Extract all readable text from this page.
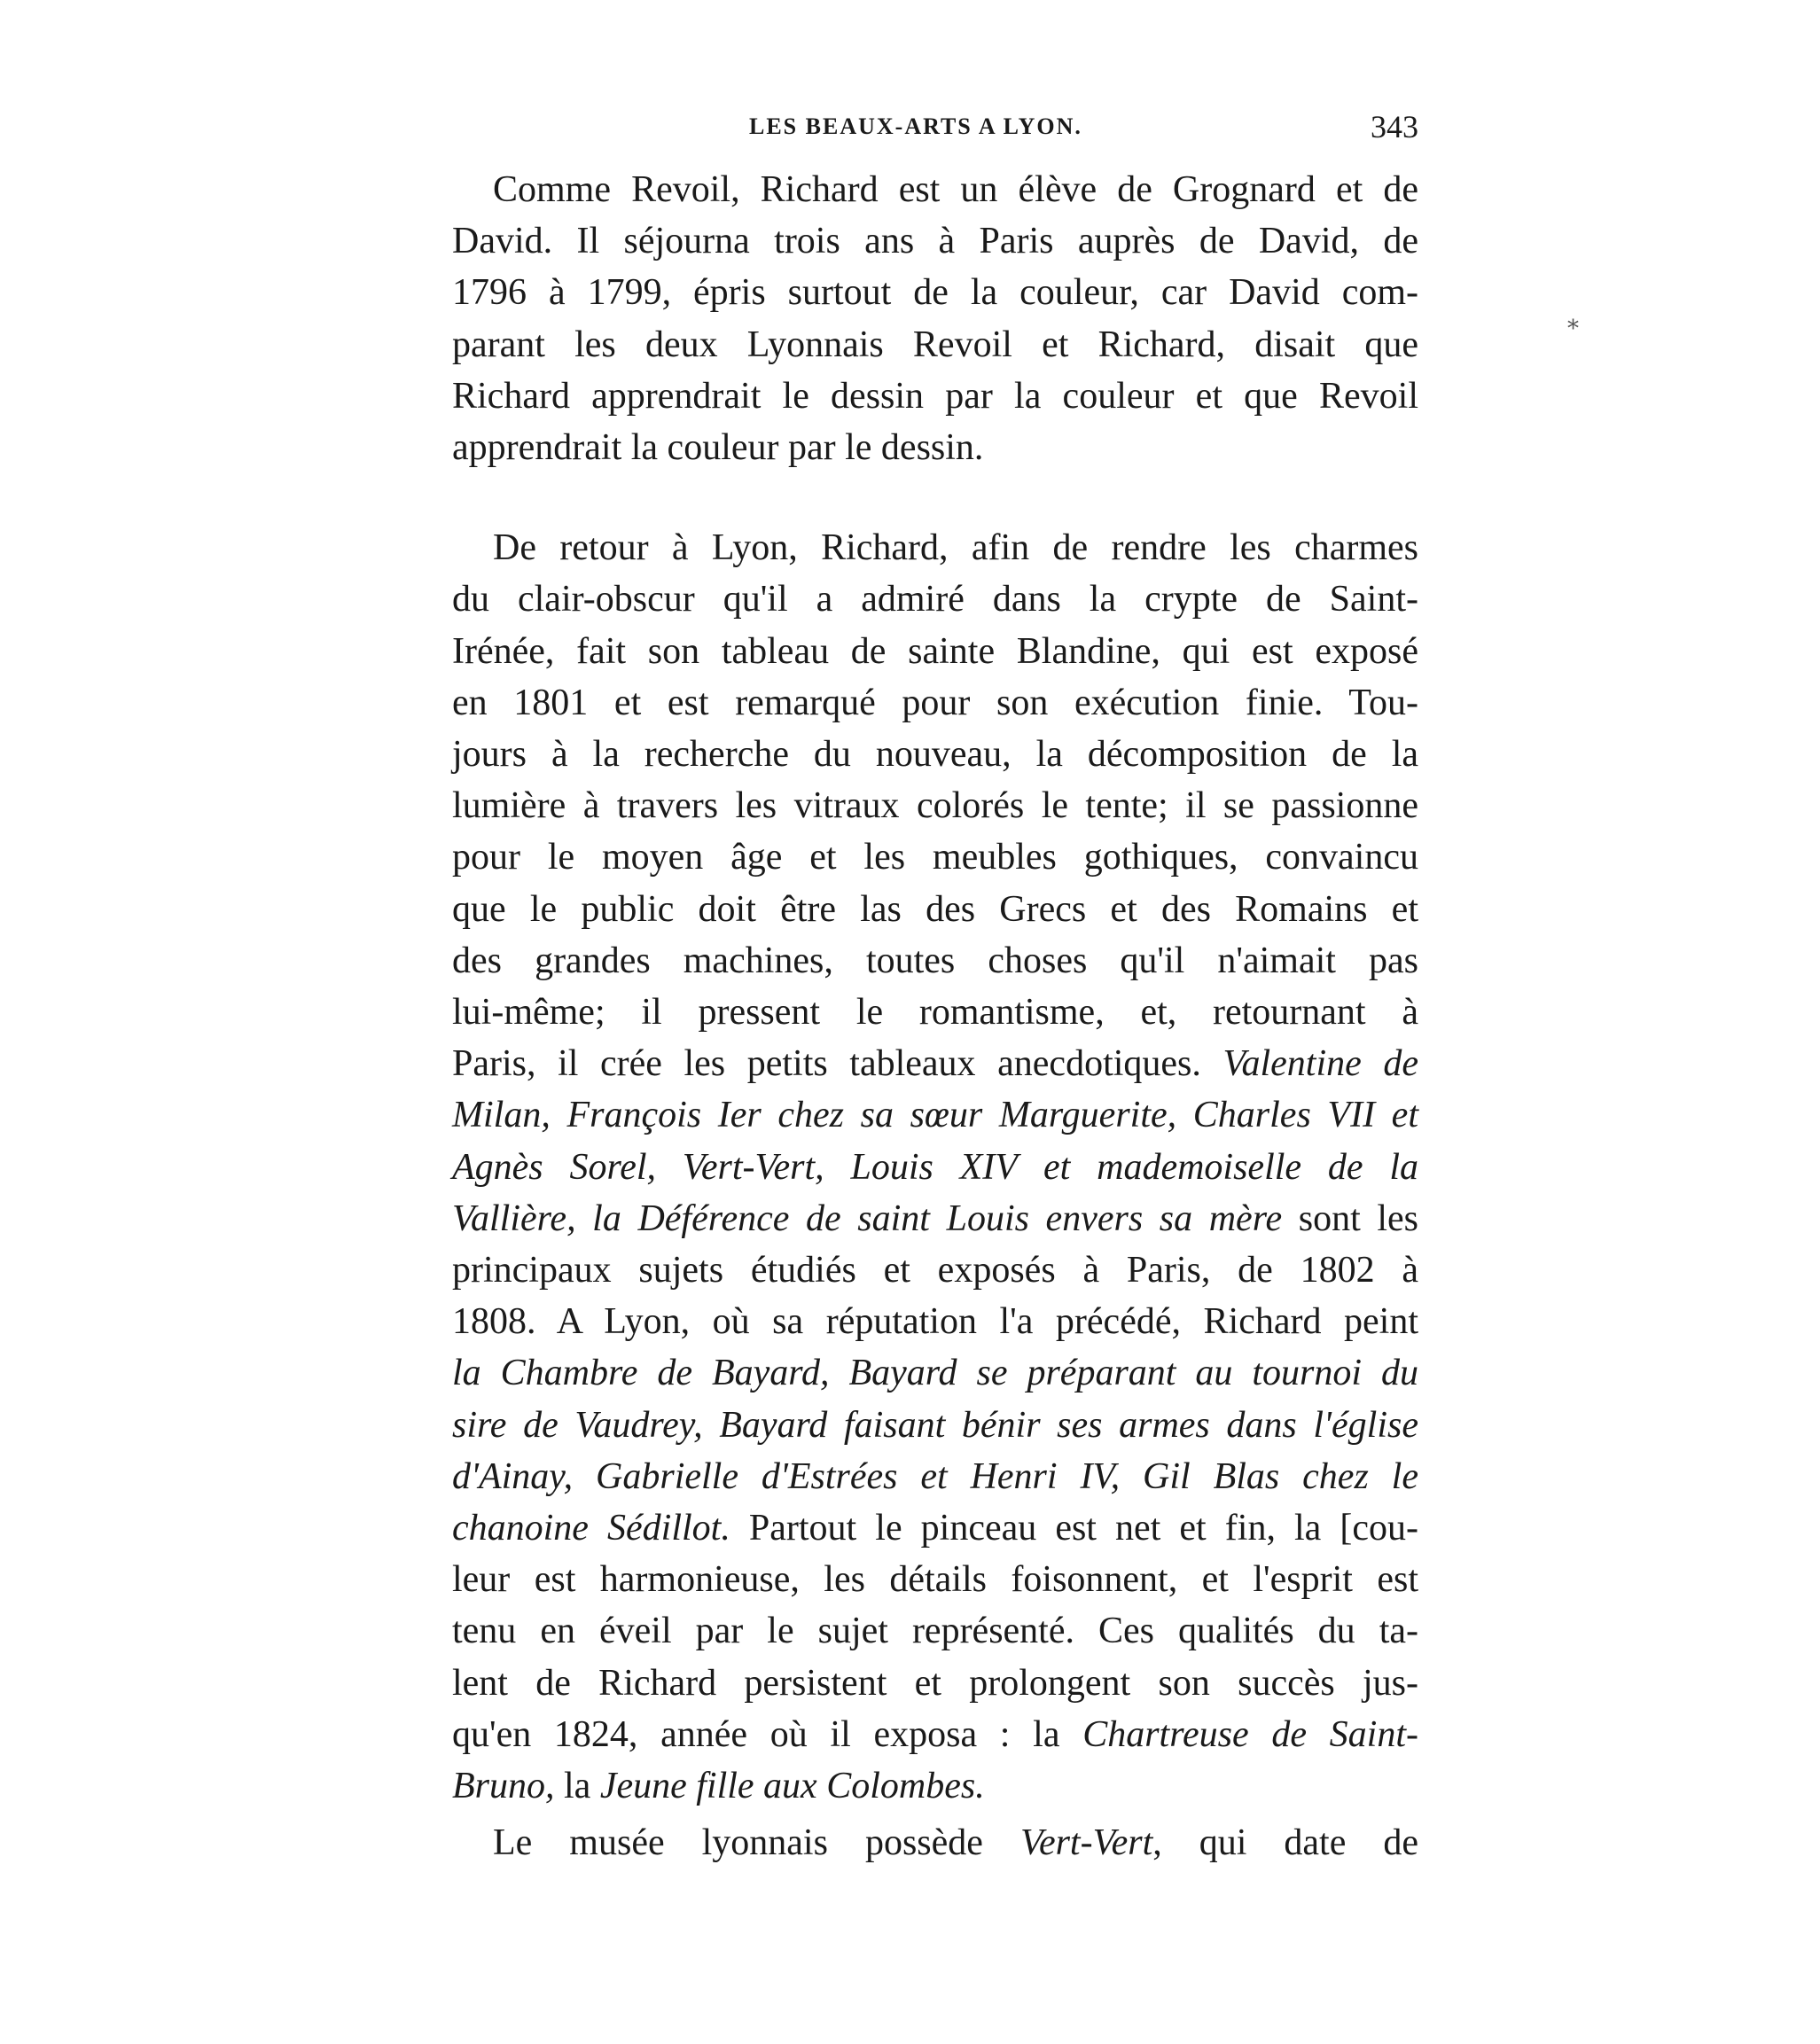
LES BEAUX-ARTS A LYON.	343
*
Comme Revoil, Richard est un élève de Grognard et de
David. Il séjourna trois ans à Paris auprès de David, de
1796 à 1799, épris surtout de la couleur, car David com-
parant les deux Lyonnais Revoil et Richard, disait que
Richard apprendrait le dessin par la couleur et que Revoil
apprendrait la couleur par le dessin.
De retour à Lyon, Richard, afin de rendre les charmes
du clair-obscur qu'il a admiré dans la crypte de Saint-
Irénée, fait son tableau de sainte Blandine, qui est exposé
en 1801 et est remarqué pour son exécution finie. Tou-
jours à la recherche du nouveau, la décomposition de la
lumière à travers les vitraux colorés le tente; il se passionne
pour le moyen âge et les meubles gothiques, convaincu
que le public doit être las des Grecs et des Romains et
des grandes machines, toutes choses qu'il n'aimait pas
lui-même; il pressent le romantisme, et, retournant à
Paris, il crée les petits tableaux anecdotiques. Valentine de
Milan, François Ier chez sa sœur Marguerite, Charles VII et
Agnès Sorel, Vert-Vert, Louis XIV et mademoiselle de la
Vallière, la Déférence de saint Louis envers sa mère sont les
principaux sujets étudiés et exposés à Paris, de 1802 à
1808. A Lyon, où sa réputation l'a précédé, Richard peint
la Chambre de Bayard, Bayard se préparant au tournoi du
sire de Vaudrey, Bayard faisant bénir ses armes dans l'église
d'Ainay, Gabrielle d'Estrées et Henri IV, Gil Blas chez le
chanoine Sédillot. Partout le pinceau est net et fin, la [cou-
leur est harmonieuse, les détails foisonnent, et l'esprit est
tenu en éveil par le sujet représenté. Ces qualités du ta-
lent de Richard persistent et prolongent son succès jus-
qu'en 1824, année où il exposa : la Chartreuse de Saint-
Bruno, la Jeune fille aux Colombes.
Le musée lyonnais possède Vert-Vert, qui date de
